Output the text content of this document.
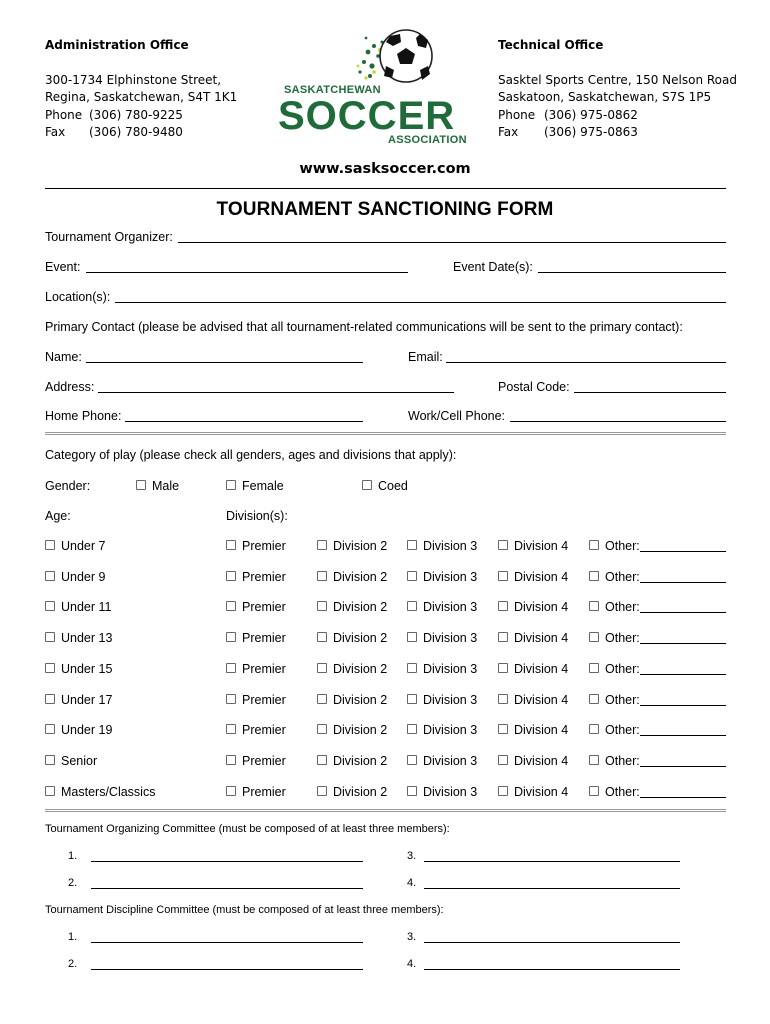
Administration Office
300-1734 Elphinstone Street,
Regina, Saskatchewan, S4T 1K1
Phone (306) 780-9225
Fax (306) 780-9480
Technical Office
Sasktel Sports Centre, 150 Nelson Road
Saskatoon, Saskatchewan, S7S 1P5
Phone (306) 975-0862
Fax (306) 975-0863
SASKATCHEWAN
SOCCER
ASSOCIATION
www.sasksoccer.com
TOURNAMENT SANCTIONING FORM
Tournament Organizer:
Event:	Event Date(s):
Location(s):
Primary Contact (please be advised that all tournament-related communications will be sent to the primary contact):
Name:	Email:
Address:	Postal Code:
Home Phone:	Work/Cell Phone:
Category of play (please check all genders, ages and divisions that apply):
Gender:	Male	Female	Coed
Age:	Division(s):
Under 7	Premier	Division 2	Division 3	Division 4	Other:
Under 9	Premier	Division 2	Division 3	Division 4	Other:
Under 11	Premier	Division 2	Division 3	Division 4	Other:
Under 13	Premier	Division 2	Division 3	Division 4	Other:
Under 15	Premier	Division 2	Division 3	Division 4	Other:
Under 17	Premier	Division 2	Division 3	Division 4	Other:
Under 19	Premier	Division 2	Division 3	Division 4	Other:
Senior	Premier	Division 2	Division 3	Division 4	Other:
Masters/Classics	Premier	Division 2	Division 3	Division 4	Other:
Tournament Organizing Committee (must be composed of at least three members):
1.
2.
3.
4.
Tournament Discipline Committee (must be composed of at least three members):
1.
2.
3.
4.
